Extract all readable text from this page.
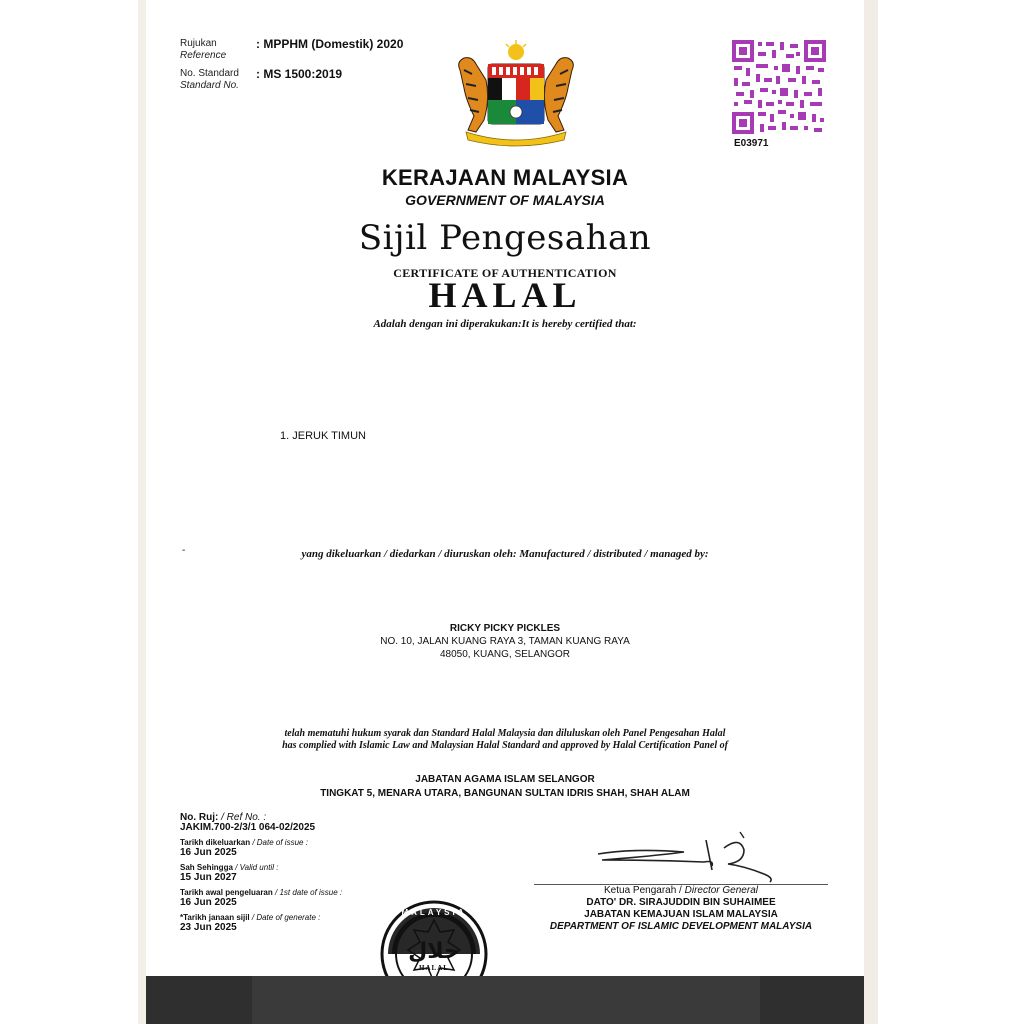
Rujukan
Reference
: MPPHM (Domestik) 2020
No. Standard
Standard No.
: MS 1500:2019
E03971
KERAJAAN MALAYSIA
GOVERNMENT OF MALAYSIA
Sijil Pengesahan
CERTIFICATE OF AUTHENTICATION
HALAL
Adalah dengan ini diperakukan:It is hereby certified that:
1. JERUK TIMUN
-	yang dikeluarkan / diedarkan / diuruskan oleh: Manufactured / distributed / managed by:
RICKY PICKY PICKLES
NO. 10, JALAN KUANG RAYA 3, TAMAN KUANG RAYA
48050, KUANG, SELANGOR
telah mematuhi hukum syarak dan Standard Halal Malaysia dan diluluskan oleh Panel Pengesahan Halal
has complied with Islamic Law and Malaysian Halal Standard and approved by Halal Certification Panel of
JABATAN AGAMA ISLAM SELANGOR
TINGKAT 5, MENARA UTARA, BANGUNAN SULTAN IDRIS SHAH, SHAH ALAM
No. Ruj: / Ref No. :
JAKIM.700-2/3/1 064-02/2025
Tarikh dikeluarkan / Date of issue :
16 Jun 2025
Sah Sehingga / Valid until :
15 Jun 2027
Tarikh awal pengeluaran / 1st date of issue :
16 Jun 2025
*Tarikh janaan sijil / Date of generate :
23 Jun 2025
Ketua Pengarah / Director General
DATO' DR. SIRAJUDDIN BIN SUHAIMEE
JABATAN KEMAJUAN ISLAM MALAYSIA
DEPARTMENT OF ISLAMIC DEVELOPMENT MALAYSIA
MALAYSIA
حلال
HALAL
